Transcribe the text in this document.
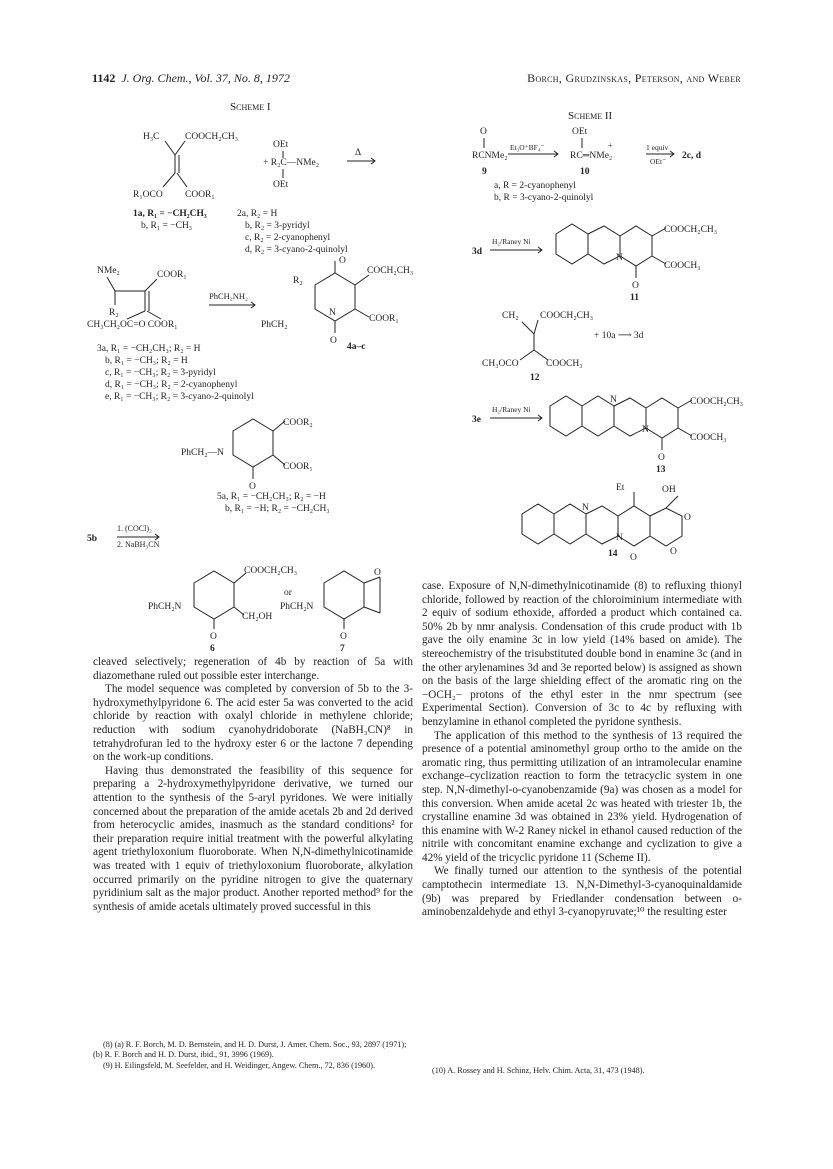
1142 J. Org. Chem., Vol. 37, No. 8, 1972	Borch, Grudzinskas, Peterson, and Weber
Scheme I
H₃C	COOCH₂CH₃
R₁OCO COOR₁
OEt
+ R₂C—NMe₂
OEt
Δ
1a, R₁ = −CH₂CH₃
b, R₁ = −CH₃
2a, R₂ = H
b, R₂ = 3-pyridyl
c, R₂ = 2-cyanophenyl
d, R₂ = 3-cyano-2-quinolyl
NMe₂	COOR₁
R₂
CH₃CH₂OC=O COOR₁
PhCH₂NH₂
O
COCH₂CH₃
R₂
COOR₁
PhCH₂
N
O
4a–c
3a, R₁ = −CH₂CH₃; R₂ = H
b, R₁ = −CH₃; R₂ = H
c, R₁ = −CH₃; R₂ = 3-pyridyl
d, R₁ = −CH₃; R₂ = 2-cyanophenyl
e, R₁ = −CH₃; R₂ = 3-cyano-2-quinolyl
COOR₂
PhCH₂—N
COOR₁
O
5a, R₁ = −CH₂CH₃; R₂ = −H
b, R₁ = −H; R₂ = −CH₂CH₃
5b
1. (COCl)₂
2. NaBH₃CN
COOCH₂CH₃
PhCH₂N
CH₂OH
O
or
PhCH₂N
O
O
6	7
Scheme II
O	OEt
RCNMe₂	RC═NMe₂
+
Et₃O⁺BF₄⁻	1 equiv
OEt⁻
2c, d
9	10
a, R = 2-cyanophenyl
b, R = 3-cyano-2-quinolyl
3d
H₂/Raney Ni
COOCH₂CH₃
COOCH₃
N
O
11
CH₂ COOCH₂CH₃
+ 10a ⟶ 3d
CH₃OCO	COOCH₃
12
3e
H₂/Raney Ni
N
N
COOCH₂CH₃
COOCH₃
O
13
Et	OH
N
N
O
O
O
14

cleaved selectively; regeneration of 4b by reaction of 5a with diazomethane ruled out possible ester interchange.

The model sequence was completed by conversion of 5b to the 3-hydroxymethylpyridone 6. The acid ester 5a was converted to the acid chloride by reaction with oxalyl chloride in methylene chloride; reduction with sodium cyanohydridoborate (NaBH₃CN)⁸ in tetrahydrofuran led to the hydroxy ester 6 or the lactone 7 depending on the work-up conditions.

Having thus demonstrated the feasibility of this sequence for preparing a 2-hydroxymethylpyridone derivative, we turned our attention to the synthesis of the 5-aryl pyridones. We were initially concerned about the preparation of the amide acetals 2b and 2d derived from heterocyclic amides, inasmuch as the standard conditions² for their preparation require initial treatment with the powerful alkylating agent triethyloxonium fluoroborate. When N,N-dimethylnicotinamide was treated with 1 equiv of triethyloxonium fluoroborate, alkylation occurred primarily on the pyridine nitrogen to give the quaternary pyridinium salt as the major product. Another reported method⁹ for the synthesis of amide acetals ultimately proved successful in this

(8) (a) R. F. Borch, M. D. Bernstein, and H. D. Durst, J. Amer. Chem. Soc., 93, 2897 (1971); (b) R. F. Borch and H. D. Durst, ibid., 91, 3996 (1969).

(9) H. Eilingsfeld, M. Seefelder, and H. Weidinger, Angew. Chem., 72, 836 (1960).

case. Exposure of N,N-dimethylnicotinamide (8) to refluxing thionyl chloride, followed by reaction of the chloroiminium intermediate with 2 equiv of sodium ethoxide, afforded a product which contained ca. 50% 2b by nmr analysis. Condensation of this crude product with 1b gave the oily enamine 3c in low yield (14% based on amide). The stereochemistry of the trisubstituted double bond in enamine 3c (and in the other arylenamines 3d and 3e reported below) is assigned as shown on the basis of the large shielding effect of the aromatic ring on the −OCH₂− protons of the ethyl ester in the nmr spectrum (see Experimental Section). Conversion of 3c to 4c by refluxing with benzylamine in ethanol completed the pyridone synthesis.

The application of this method to the synthesis of 13 required the presence of a potential aminomethyl group ortho to the amide on the aromatic ring, thus permitting utilization of an intramolecular enamine exchange–cyclization reaction to form the tetracyclic system in one step. N,N-dimethyl-o-cyanobenzamide (9a) was chosen as a model for this conversion. When amide acetal 2c was heated with triester 1b, the crystalline enamine 3d was obtained in 23% yield. Hydrogenation of this enamine with W-2 Raney nickel in ethanol caused reduction of the nitrile with concomitant enamine exchange and cyclization to give a 42% yield of the tricyclic pyridone 11 (Scheme II).

We finally turned our attention to the synthesis of the potential camptothecin intermediate 13. N,N-Dimethyl-3-cyanoquinaldamide (9b) was prepared by Friedlander condensation between o-aminobenzaldehyde and ethyl 3-cyanopyruvate;¹⁰ the resulting ester

(10) A. Rossey and H. Schinz, Helv. Chim. Acta, 31, 473 (1948).
